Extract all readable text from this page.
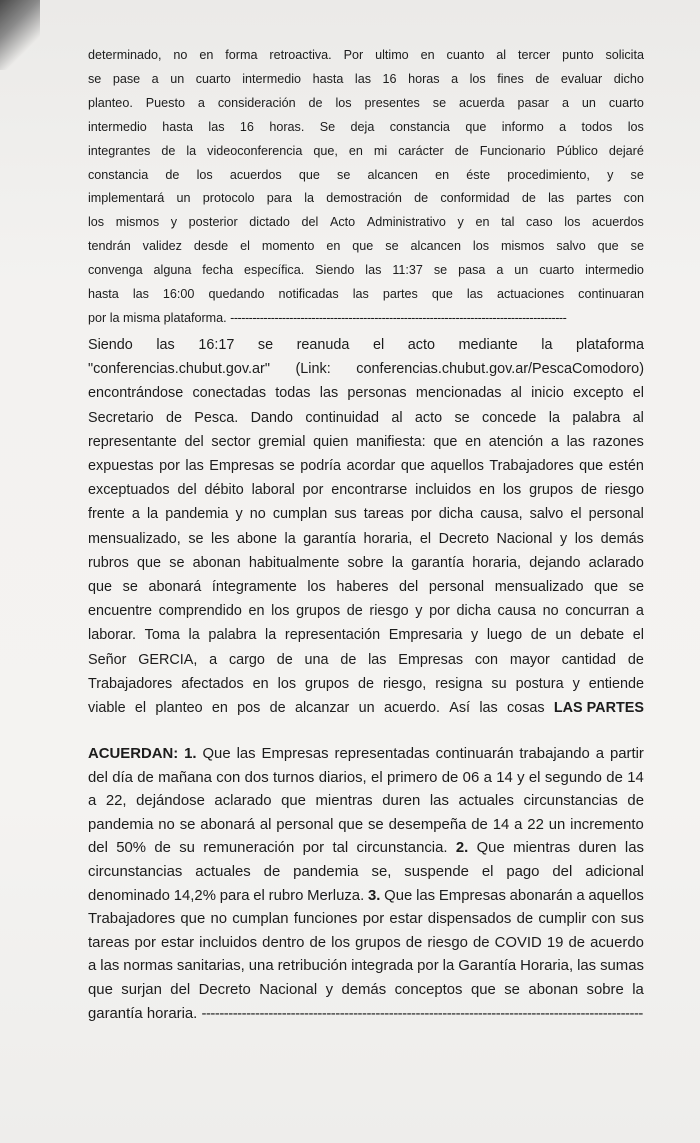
determinado, no en forma retroactiva. Por ultimo en cuanto al tercer punto solicita
se pase a un cuarto intermedio hasta las 16 horas a los fines de evaluar dicho
planteo. Puesto a consideración de los presentes se acuerda pasar a un cuarto
intermedio hasta las 16 horas. Se deja constancia que informo a todos los
integrantes de la videoconferencia que, en mi carácter de Funcionario Público dejaré
constancia de los acuerdos que se alcancen en éste procedimiento, y se
implementará un protocolo para la demostración de conformidad de las partes con
los mismos y posterior dictado del Acto Administrativo y en tal caso los acuerdos
tendrán validez desde el momento en que se alcancen los mismos salvo que se
convenga alguna fecha específica. Siendo las 11:37 se pasa a un cuarto intermedio
hasta las 16:00 quedando notificadas las partes que las actuaciones continuaran
por la misma plataforma. -------------------------------------------------------------------------------------------
Siendo las 16:17 se reanuda el acto mediante la plataforma
"conferencias.chubut.gov.ar" (Link: conferencias.chubut.gov.ar/PescaComodoro)
encontrándose conectadas todas las personas mencionadas al inicio excepto el
Secretario de Pesca. Dando continuidad al acto se concede la palabra al
representante del sector gremial quien manifiesta: que en atención a las razones
expuestas por las Empresas se podría acordar que aquellos Trabajadores que estén
exceptuados del débito laboral por encontrarse incluidos en los grupos de riesgo
frente a la pandemia y no cumplan sus tareas por dicha causa, salvo el personal
mensualizado, se les abone la garantía horaria, el Decreto Nacional y los demás
rubros que se abonan habitualmente sobre la garantía horaria, dejando aclarado
que se abonará íntegramente los haberes del personal mensualizado que se
encuentre comprendido en los grupos de riesgo y por dicha causa no concurran a
laborar. Toma la palabra la representación Empresaria y luego de un debate el
Señor GERCIA, a cargo de una de las Empresas con mayor cantidad de
Trabajadores afectados en los grupos de riesgo, resigna su postura y entiende
viable el planteo en pos de alcanzar un acuerdo. Así las cosas LAS PARTES
ACUERDAN: 1. Que las Empresas representadas continuarán trabajando a partir
del día de mañana con dos turnos diarios, el primero de 06 a 14 y el segundo de 14
a 22, dejándose aclarado que mientras duren las actuales circunstancias de
pandemia no se abonará al personal que se desempeña de 14 a 22 un incremento
del 50% de su remuneración por tal circunstancia. 2. Que mientras duren las
circunstancias actuales de pandemia se, suspende el pago del adicional
denominado 14,2% para el rubro Merluza. 3. Que las Empresas abonarán a aquellos
Trabajadores que no cumplan funciones por estar dispensados de cumplir con sus
tareas por estar incluidos dentro de los grupos de riesgo de COVID 19 de acuerdo
a las normas sanitarias, una retribución integrada por la Garantía Horaria, las sumas
que surjan del Decreto Nacional y demás conceptos que se abonan sobre la
garantía horaria. ---------------------------------------------------------------------------------------------------
